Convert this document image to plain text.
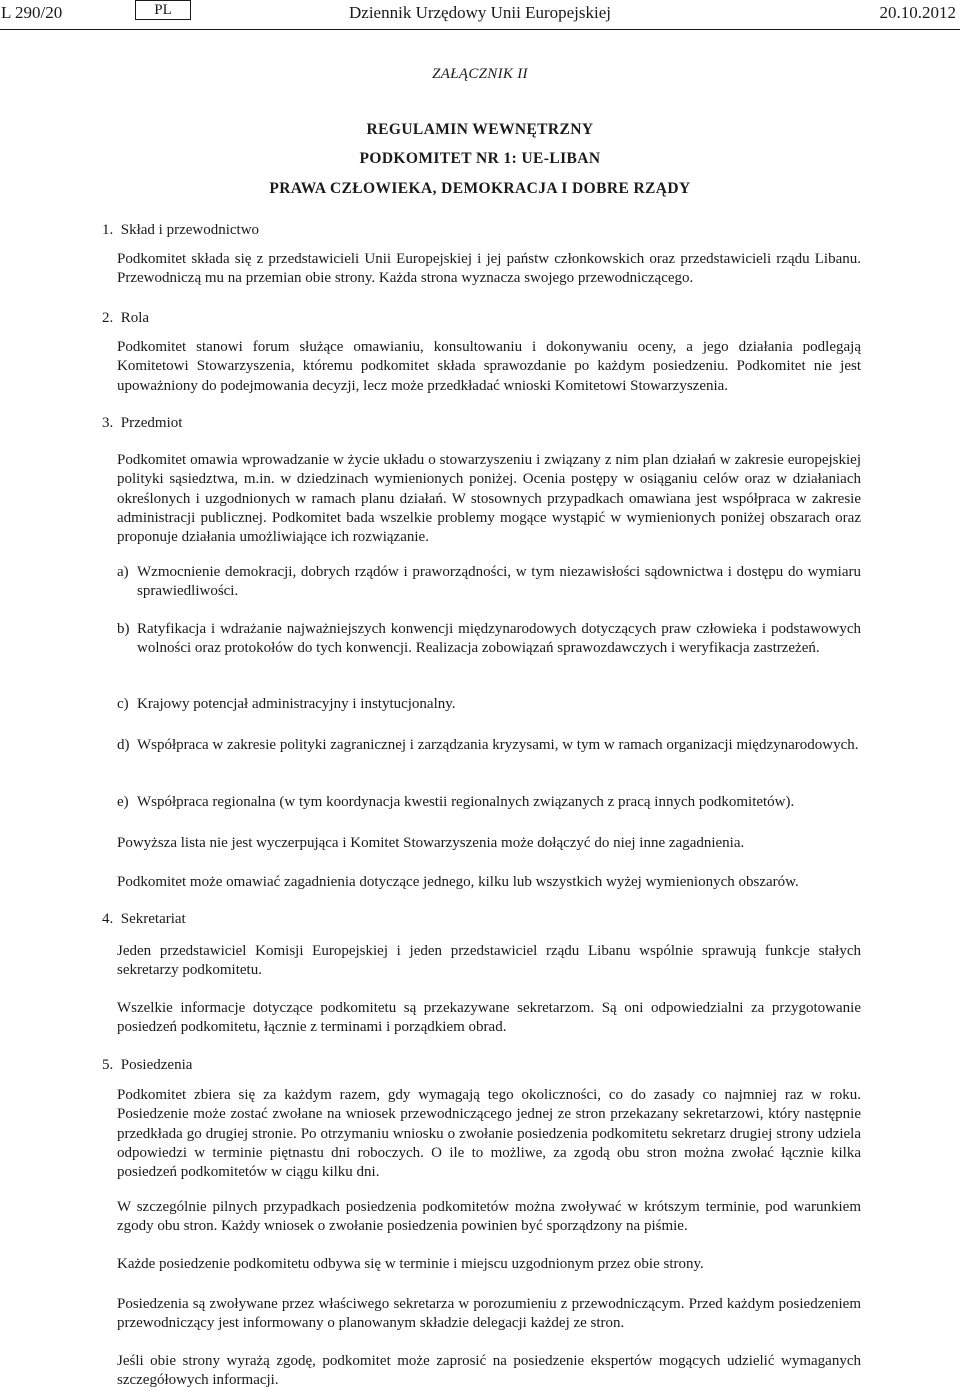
L 290/20	PL	Dziennik Urzędowy Unii Europejskiej	20.10.2012
ZAŁĄCZNIK II
REGULAMIN WEWNĘTRZNY
PODKOMITET NR 1: UE-LIBAN
PRAWA CZŁOWIEKA, DEMOKRACJA I DOBRE RZĄDY
1. Skład i przewodnictwo
Podkomitet składa się z przedstawicieli Unii Europejskiej i jej państw członkowskich oraz przedstawicieli rządu Libanu. Przewodniczą mu na przemian obie strony. Każda strona wyznacza swojego przewodniczącego.
2. Rola
Podkomitet stanowi forum służące omawianiu, konsultowaniu i dokonywaniu oceny, a jego działania podlegają Komitetowi Stowarzyszenia, któremu podkomitet składa sprawozdanie po każdym posiedzeniu. Podkomitet nie jest upoważniony do podejmowania decyzji, lecz może przedkładać wnioski Komitetowi Stowarzyszenia.
3. Przedmiot
Podkomitet omawia wprowadzanie w życie układu o stowarzyszeniu i związany z nim plan działań w zakresie europejskiej polityki sąsiedztwa, m.in. w dziedzinach wymienionych poniżej. Ocenia postępy w osiąganiu celów oraz w działaniach określonych i uzgodnionych w ramach planu działań. W stosownych przypadkach omawiana jest współpraca w zakresie administracji publicznej. Podkomitet bada wszelkie problemy mogące wystąpić w wymienionych poniżej obszarach oraz proponuje działania umożliwiające ich rozwiązanie.
a) Wzmocnienie demokracji, dobrych rządów i praworządności, w tym niezawisłości sądownictwa i dostępu do wymiaru sprawiedliwości.
b) Ratyfikacja i wdrażanie najważniejszych konwencji międzynarodowych dotyczących praw człowieka i podstawowych wolności oraz protokołów do tych konwencji. Realizacja zobowiązań sprawozdawczych i weryfikacja zastrzeżeń.
c) Krajowy potencjał administracyjny i instytucjonalny.
d) Współpraca w zakresie polityki zagranicznej i zarządzania kryzysami, w tym w ramach organizacji międzynarodowych.
e) Współpraca regionalna (w tym koordynacja kwestii regionalnych związanych z pracą innych podkomitetów).
Powyższa lista nie jest wyczerpująca i Komitet Stowarzyszenia może dołączyć do niej inne zagadnienia.
Podkomitet może omawiać zagadnienia dotyczące jednego, kilku lub wszystkich wyżej wymienionych obszarów.
4. Sekretariat
Jeden przedstawiciel Komisji Europejskiej i jeden przedstawiciel rządu Libanu wspólnie sprawują funkcje stałych sekretarzy podkomitetu.
Wszelkie informacje dotyczące podkomitetu są przekazywane sekretarzom. Są oni odpowiedzialni za przygotowanie posiedzeń podkomitetu, łącznie z terminami i porządkiem obrad.
5. Posiedzenia
Podkomitet zbiera się za każdym razem, gdy wymagają tego okoliczności, co do zasady co najmniej raz w roku. Posiedzenie może zostać zwołane na wniosek przewodniczącego jednej ze stron przekazany sekretarzowi, który następnie przedkłada go drugiej stronie. Po otrzymaniu wniosku o zwołanie posiedzenia podkomitetu sekretarz drugiej strony udziela odpowiedzi w terminie piętnastu dni roboczych. O ile to możliwe, za zgodą obu stron można zwołać łącznie kilka posiedzeń podkomitetów w ciągu kilku dni.
W szczególnie pilnych przypadkach posiedzenia podkomitetów można zwoływać w krótszym terminie, pod warunkiem zgody obu stron. Każdy wniosek o zwołanie posiedzenia powinien być sporządzony na piśmie.
Każde posiedzenie podkomitetu odbywa się w terminie i miejscu uzgodnionym przez obie strony.
Posiedzenia są zwoływane przez właściwego sekretarza w porozumieniu z przewodniczącym. Przed każdym posiedzeniem przewodniczący jest informowany o planowanym składzie delegacji każdej ze stron.
Jeśli obie strony wyrażą zgodę, podkomitet może zaprosić na posiedzenie ekspertów mogących udzielić wymaganych szczegółowych informacji.
